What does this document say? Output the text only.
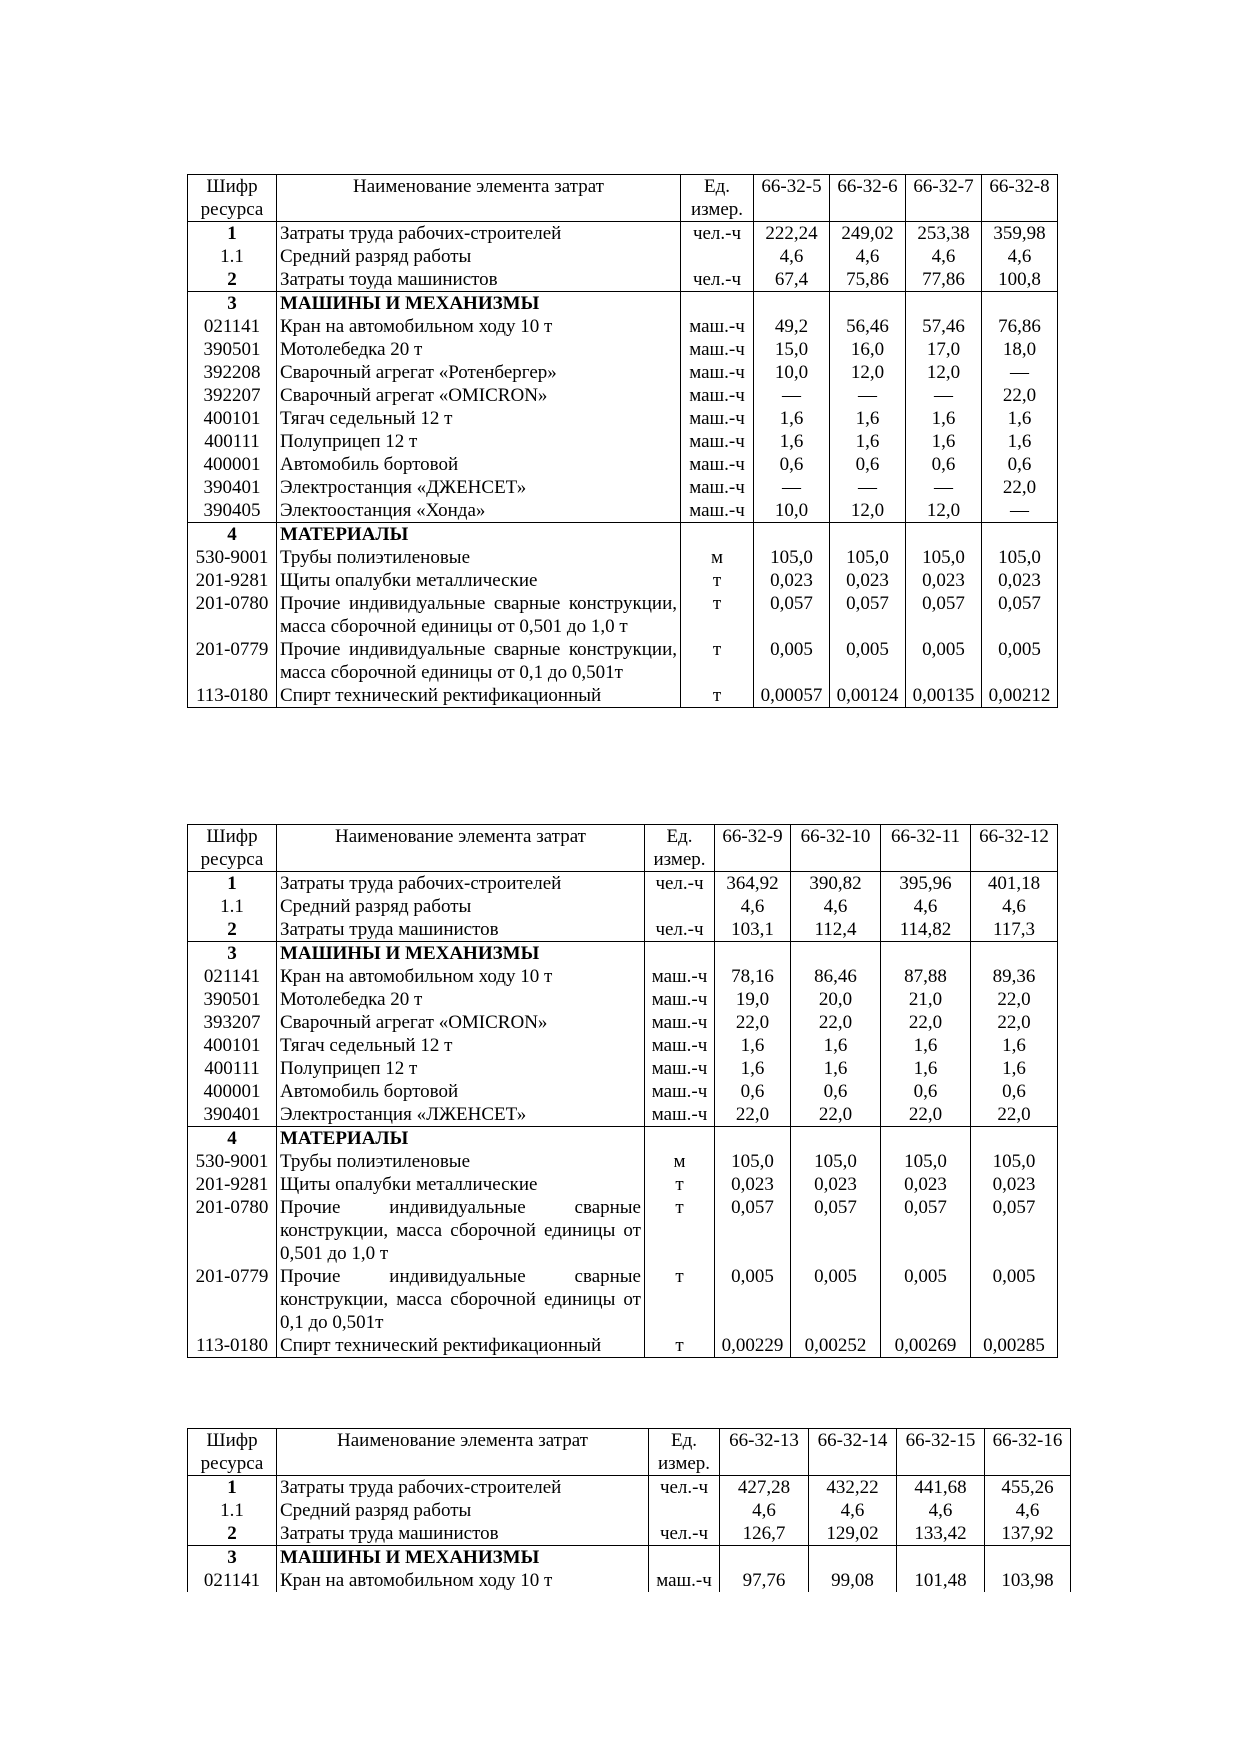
Шифр ресурса	Наименование элемента затрат	Ед. измер.	66-32-5	66-32-6	66-32-7	66-32-8
1	Затраты труда рабочих-строителей	чел.-ч	222,24	249,02	253,38	359,98
1.1	Средний разряд работы		4,6	4,6	4,6	4,6
2	Затраты тоуда машинистов	чел.-ч	67,4	75,86	77,86	100,8
3	МАШИНЫ И МЕХАНИЗМЫ					
021141	Кран на автомобильном ходу 10 т	маш.-ч	49,2	56,46	57,46	76,86
390501	Мотолебедка 20 т	маш.-ч	15,0	16,0	17,0	18,0
392208	Сварочный агрегат «Ротенбергер»	маш.-ч	10,0	12,0	12,0	—
392207	Сварочный агрегат «OMICRON»	маш.-ч	—	—	—	22,0
400101	Тягач седельный 12 т	маш.-ч	1,6	1,6	1,6	1,6
400111	Полуприцеп 12 т	маш.-ч	1,6	1,6	1,6	1,6
400001	Автомобиль бортовой	маш.-ч	0,6	0,6	0,6	0,6
390401	Электростанция «ДЖЕНСЕТ»	маш.-ч	—	—	—	22,0
390405	Электоостанция «Хонда»	маш.-ч	10,0	12,0	12,0	—
4	МАТЕРИАЛЫ					
530-9001	Трубы полиэтиленовые	м	105,0	105,0	105,0	105,0
201-9281	Щиты опалубки металлические	т	0,023	0,023	0,023	0,023
201-0780	Прочие индивидуальные сварные конструкции, масса сборочной единицы от 0,501 до 1,0 т	т	0,057	0,057	0,057	0,057
201-0779	Прочие индивидуальные сварные конструкции, масса сборочной единицы от 0,1 до 0,501т	т	0,005	0,005	0,005	0,005
113-0180	Спирт технический ректификационный	т	0,00057	0,00124	0,00135	0,00212
Шифр ресурса	Наименование элемента затрат	Ед. измер.	66-32-9	66-32-10	66-32-11	66-32-12
1	Затраты труда рабочих-строителей	чел.-ч	364,92	390,82	395,96	401,18
1.1	Средний разряд работы		4,6	4,6	4,6	4,6
2	Затраты труда машинистов	чел.-ч	103,1	112,4	114,82	117,3
3	МАШИНЫ И МЕХАНИЗМЫ					
021141	Кран на автомобильном ходу 10 т	маш.-ч	78,16	86,46	87,88	89,36
390501	Мотолебедка 20 т	маш.-ч	19,0	20,0	21,0	22,0
393207	Сварочный агрегат «OMICRON»	маш.-ч	22,0	22,0	22,0	22,0
400101	Тягач седельный 12 т	маш.-ч	1,6	1,6	1,6	1,6
400111	Полуприцеп 12 т	маш.-ч	1,6	1,6	1,6	1,6
400001	Автомобиль бортовой	маш.-ч	0,6	0,6	0,6	0,6
390401	Электростанция «ЛЖЕНСЕТ»	маш.-ч	22,0	22,0	22,0	22,0
4	МАТЕРИАЛЫ					
530-9001	Трубы полиэтиленовые	м	105,0	105,0	105,0	105,0
201-9281	Щиты опалубки металлические	т	0,023	0,023	0,023	0,023
201-0780	Прочие индивидуальные сварные конструкции, масса сборочной единицы от 0,501 до 1,0 т	т	0,057	0,057	0,057	0,057
201-0779	Прочие индивидуальные сварные конструкции, масса сборочной единицы от 0,1 до 0,501т	т	0,005	0,005	0,005	0,005
113-0180	Спирт технический ректификационный	т	0,00229	0,00252	0,00269	0,00285
Шифр ресурса	Наименование элемента затрат	Ед. измер.	66-32-13	66-32-14	66-32-15	66-32-16
1	Затраты труда рабочих-строителей	чел.-ч	427,28	432,22	441,68	455,26
1.1	Средний разряд работы		4,6	4,6	4,6	4,6
2	Затраты труда машинистов	чел.-ч	126,7	129,02	133,42	137,92
3	МАШИНЫ И МЕХАНИЗМЫ					
021141	Кран на автомобильном ходу 10 т	маш.-ч	97,76	99,08	101,48	103,98
